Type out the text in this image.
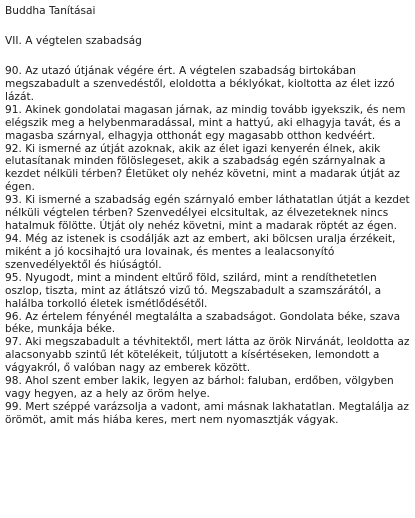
Buddha Tanításai
VII. A végtelen szabadság

90. Az utazó útjának végére ért. A végtelen szabadság birtokában megszabadult a szenvedéstől, eloldotta a béklyókat, kioltotta az élet izzó lázát.

91. Akinek gondolatai magasan járnak, az mindig tovább igyekszik, és nem elégszik meg a helybenmaradással, mint a hattyú, aki elhagyja tavát, és a magasba szárnyal, elhagyja otthonát egy magasabb otthon kedvéért.

92. Ki ismerné az útját azoknak, akik az élet igazi kenyerén élnek, akik elutasítanak minden fölöslegeset, akik a szabadság egén szárnyalnak a kezdet nélküli térben? Életüket oly nehéz követni, mint a madarak útját az égen.

93. Ki ismerné a szabadság egén szárnyaló ember láthatatlan útját a kezdet nélküli végtelen térben? Szenvedélyei elcsitultak, az élvezeteknek nincs hatalmuk fölötte. Útját oly nehéz követni, mint a madarak röptét az égen.

94. Még az istenek is csodálják azt az embert, aki bölcsen uralja érzékeit, miként a jó kocsihajtó ura lovainak, és mentes a lealacsonyító szenvedélyektől és hiúságtól.

95. Nyugodt, mint a mindent eltűrő föld, szilárd, mint a rendíthetetlen oszlop, tiszta, mint az átlátszó vizű tó. Megszabadult a szamszárától, a halálba torkolló életek ismétlődésétől.

96. Az értelem fényénél megtalálta a szabadságot. Gondolata béke, szava béke, munkája béke.

97. Aki megszabadult a tévhitektől, mert látta az örök Nirvánát, leoldotta az alacsonyabb szintű lét kötelékeit, túljutott a kísértéseken, lemondott a vágyakról, ő valóban nagy az emberek között.

98. Ahol szent ember lakik, legyen az bárhol: faluban, erdőben, völgyben vagy hegyen, az a hely az öröm helye.

99. Mert széppé varázsolja a vadont, ami másnak lakhatatlan. Megtalálja az örömöt, amit más hiába keres, mert nem nyomasztják vágyak.
